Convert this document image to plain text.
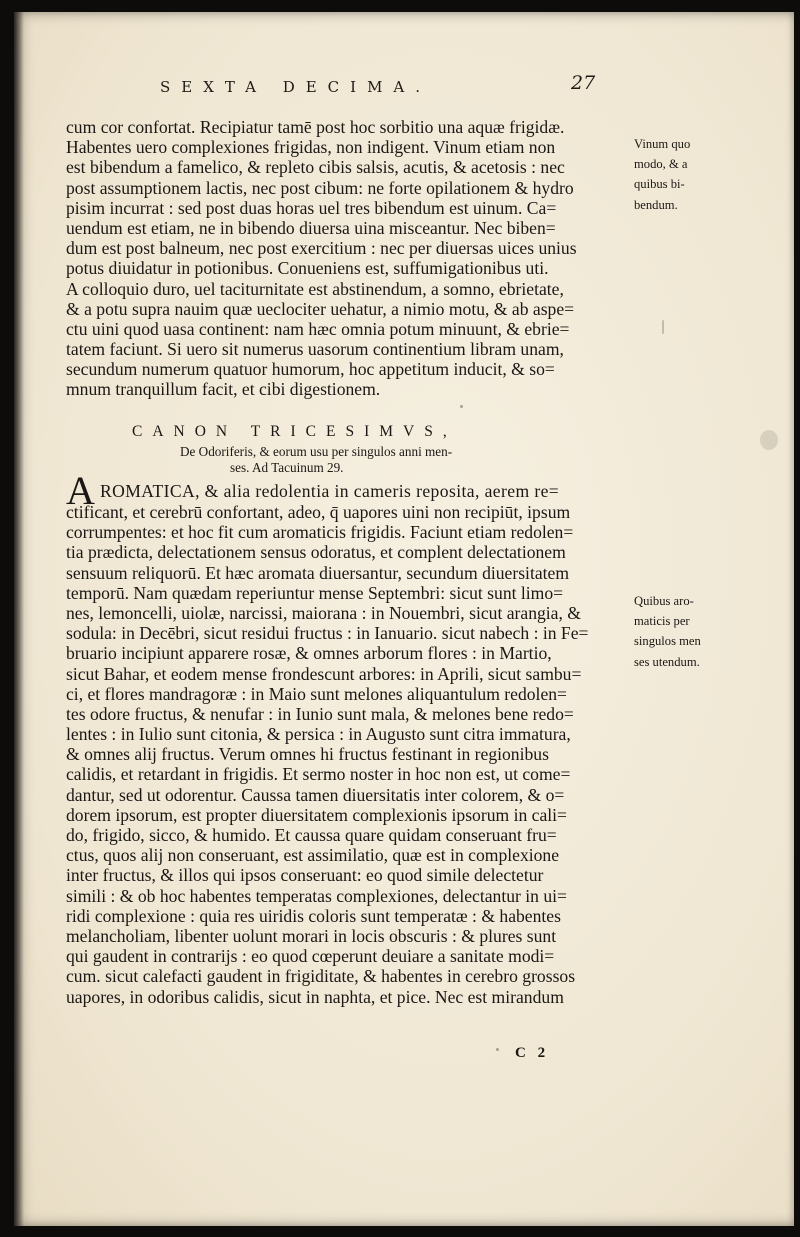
SEXTA DECIMA.	27
cum cor confortat. Recipiatur tamē post hoc sorbitio una aquæ frigidæ.
Habentes uero complexiones frigidas, non indigent. Vinum etiam non
est bibendum a famelico, & repleto cibis salsis, acutis, & acetosis : nec
post assumptionem lactis, nec post cibum: ne forte opilationem & hydro
pisim incurrat : sed post duas horas uel tres bibendum est uinum. Ca=
uendum est etiam, ne in bibendo diuersa uina misceantur. Nec biben=
dum est post balneum, nec post exercitium : nec per diuersas uices unius
potus diuidatur in potionibus. Conueniens est, suffumigationibus uti.
A colloquio duro, uel taciturnitate est abstinendum, a somno, ebrietate,
& a potu supra nauim quæ ueclociter uehatur, a nimio motu, & ab aspe=
ctu uini quod uasa continent: nam hæc omnia potum minuunt, & ebrie=
tatem faciunt. Si uero sit numerus uasorum continentium libram unam,
secundum numerum quatuor humorum, hoc appetitum inducit, & so=
mnum tranquillum facit, et cibi digestionem.
Vinum quo
modo, & a
quibus bi-
bendum.
CANON TRICESIMVS,
De Odoriferis, & eorum usu per singulos anni men-
ses. Ad Tacuinum 29.
A ROMATICA, & alia redolentia in cameris reposita, aerem re=
ctificant, et cerebrū confortant, adeo, q̄ uapores uini non recipiūt, ipsum
corrumpentes: et hoc fit cum aromaticis frigidis. Faciunt etiam redolen=
tia prædicta, delectationem sensus odoratus, et complent delectationem
sensuum reliquorū. Et hæc aromata diuersantur, secundum diuersitatem
temporū. Nam quædam reperiuntur mense Septembri: sicut sunt limo=
nes, lemoncelli, uiolæ, narcissi, maiorana : in Nouembri, sicut arangia, &
sodula: in Decēbri, sicut residui fructus : in Ianuario. sicut nabech : in Fe=
bruario incipiunt apparere rosæ, & omnes arborum flores : in Martio,
sicut Bahar, et eodem mense frondescunt arbores: in Aprili, sicut sambu=
ci, et flores mandragoræ : in Maio sunt melones aliquantulum redolen=
tes odore fructus, & nenufar : in Iunio sunt mala, & melones bene redo=
lentes : in Iulio sunt citonia, & persica : in Augusto sunt citra immatura,
& omnes alij fructus. Verum omnes hi fructus festinant in regionibus
calidis, et retardant in frigidis. Et sermo noster in hoc non est, ut come=
dantur, sed ut odorentur. Caussa tamen diuersitatis inter colorem, & o=
dorem ipsorum, est propter diuersitatem complexionis ipsorum in cali=
do, frigido, sicco, & humido. Et caussa quare quidam conseruant fru=
ctus, quos alij non conseruant, est assimilatio, quæ est in complexione
inter fructus, & illos qui ipsos conseruant: eo quod simile delectetur
simili : & ob hoc habentes temperatas complexiones, delectantur in ui=
ridi complexione : quia res uiridis coloris sunt temperatæ : & habentes
melancholiam, libenter uolunt morari in locis obscuris : & plures sunt
qui gaudent in contrarijs : eo quod cœperunt deuiare a sanitate modi=
cum. sicut calefacti gaudent in frigiditate, & habentes in cerebro grossos
uapores, in odoribus calidis, sicut in naphta, et pice. Nec est mirandum
Quibus aro-
maticis per
singulos men
ses utendum.
C 2
